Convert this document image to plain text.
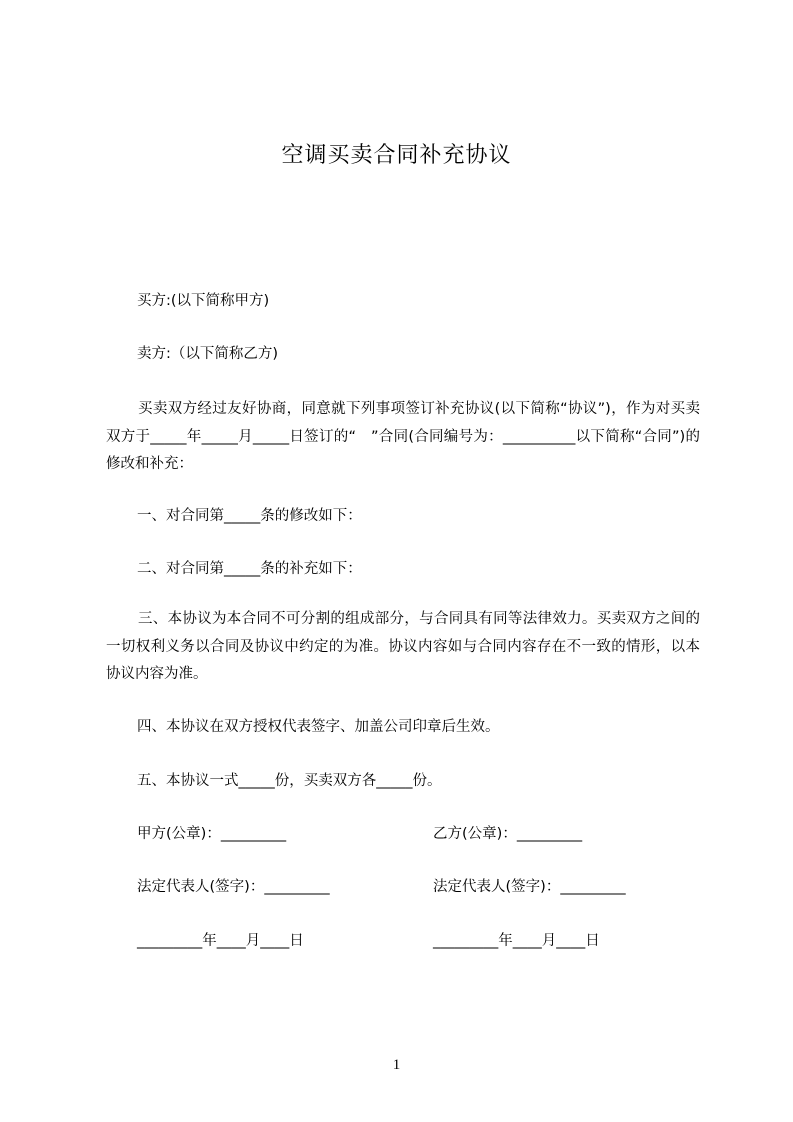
空调买卖合同补充协议
买方:(以下简称甲方)
卖方:（以下简称乙方)
买卖双方经过友好协商，同意就下列事项签订补充协议(以下简称“协议”)，作为对买卖双方于_____年_____月_____日签订的“　”合同(合同编号为：__________以下简称“合同”)的修改和补充：
一、对合同第_____条的修改如下：
二、对合同第_____条的补充如下：
三、本协议为本合同不可分割的组成部分，与合同具有同等法律效力。买卖双方之间的一切权利义务以合同及协议中约定的为准。协议内容如与合同内容存在不一致的情形，以本协议内容为准。
四、本协议在双方授权代表签字、加盖公司印章后生效。
五、本协议一式_____份，买卖双方各_____份。
甲方(公章)：_________	乙方(公章)：_________
法定代表人(签字)：_________	法定代表人(签字)：_________
_________年____月____日	_________年____月____日
1
